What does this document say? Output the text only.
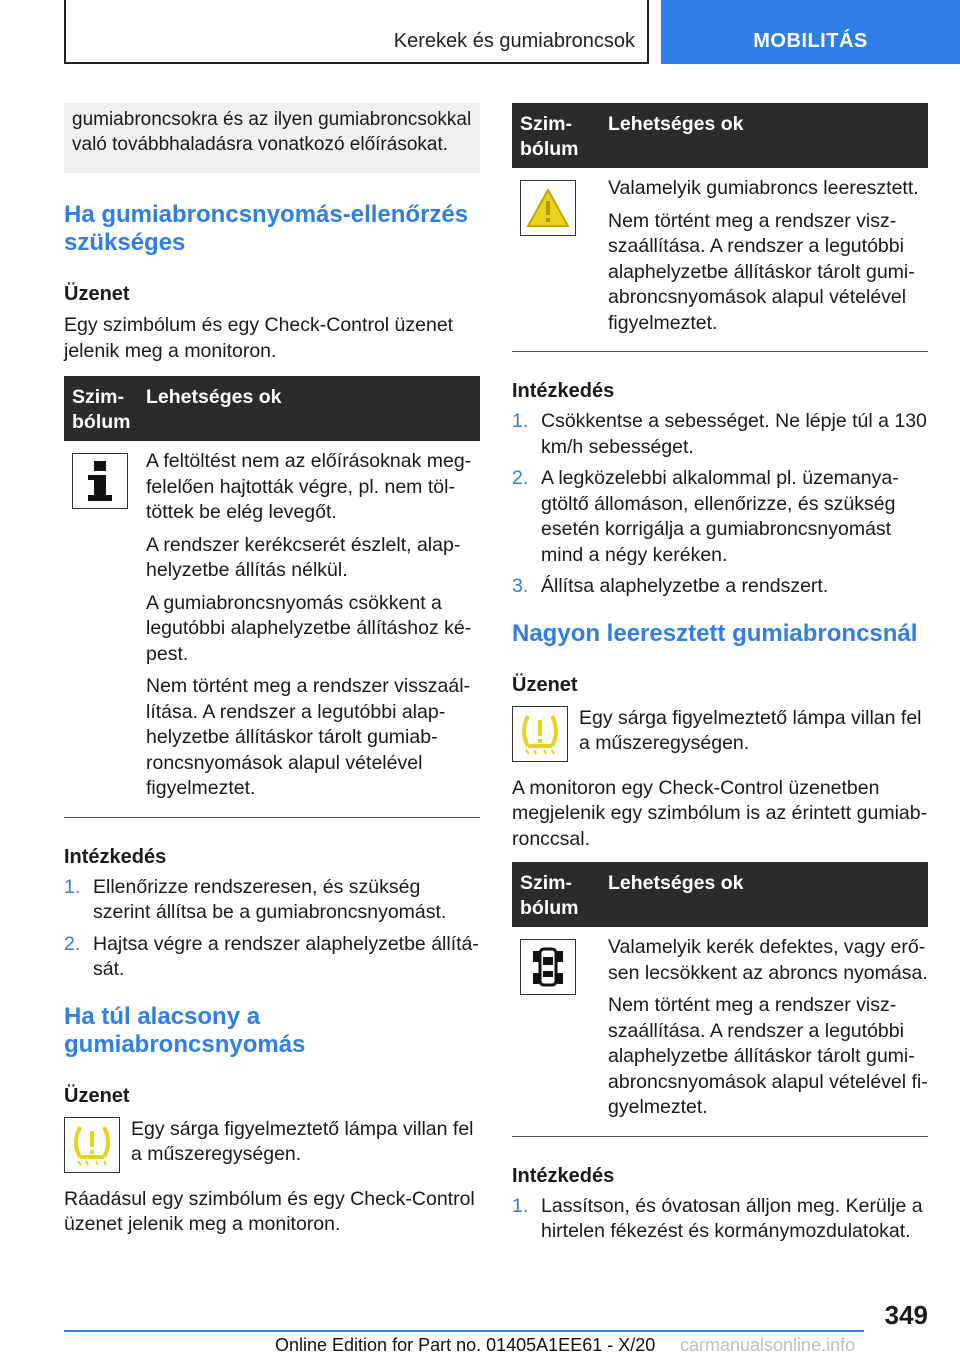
Kerekek és gumiabroncsok	MOBILITÁS
gumiabroncsokra és az ilyen gumiabroncsokkal való továbbhaladásra vonatkozó előírásokat.
Ha gumiabroncsnyomás-ellenőrzés szükséges
Üzenet
Egy szimbólum és egy Check-Control üzenet jelenik meg a monitoron.
Szimbólum
Lehetséges ok
A feltöltést nem az előírásoknak megfelelően hajtották végre, pl. nem töltöttek be elég levegőt.
A rendszer kerékcserét észlelt, alaphelyzetbe állítás nélkül.
A gumiabroncsnyomás csökkent a legutóbbi alaphelyzetbe állításhoz képest.
Nem történt meg a rendszer visszaállítása. A rendszer a legutóbbi alaphelyzetbe állításkor tárolt gumiabroncsnyomások alapul vételével figyelmeztet.
Intézkedés
1. Ellenőrizze rendszeresen, és szükség szerint állítsa be a gumiabroncsnyomást.
2. Hajtsa végre a rendszer alaphelyzetbe állítását.
Ha túl alacsony a gumiabroncsnyomás
Üzenet
Egy sárga figyelmeztető lámpa villan fel a műszeregységen.
Ráadásul egy szimbólum és egy Check-Control üzenet jelenik meg a monitoron.
Szimbólum
Lehetséges ok
Valamelyik gumiabroncs leeresztett.
Nem történt meg a rendszer viszszaállítása. A rendszer a legutóbbi alaphelyzetbe állításkor tárolt gumiabroncsnyomások alapul vételével figyelmeztet.
Intézkedés
1. Csökkentse a sebességet. Ne lépje túl a 130 km/h sebességet.
2. A legközelebbi alkalommal pl. üzemanyagtöltő állomáson, ellenőrizze, és szükség esetén korrigálja a gumiabroncsnyomást mind a négy keréken.
3. Állítsa alaphelyzetbe a rendszert.
Nagyon leeresztett gumiabroncsnál
Üzenet
Egy sárga figyelmeztető lámpa villan fel a műszeregységen.
A monitoron egy Check-Control üzenetben megjelenik egy szimbólum is az érintett gumiabronccsal.
Szimbólum
Lehetséges ok
Valamelyik kerék defektes, vagy erősen lecsökkent az abroncs nyomása.
Nem történt meg a rendszer viszszaállítása. A rendszer a legutóbbi alaphelyzetbe állításkor tárolt gumiabroncsnyomások alapul vételével figyelmeztet.
Intézkedés
1. Lassítson, és óvatosan álljon meg. Kerülje a hirtelen fékezést és kormánymozdulatokat.
349
Online Edition for Part no. 01405A1EE61 - X/20 carmanualsonline.info
